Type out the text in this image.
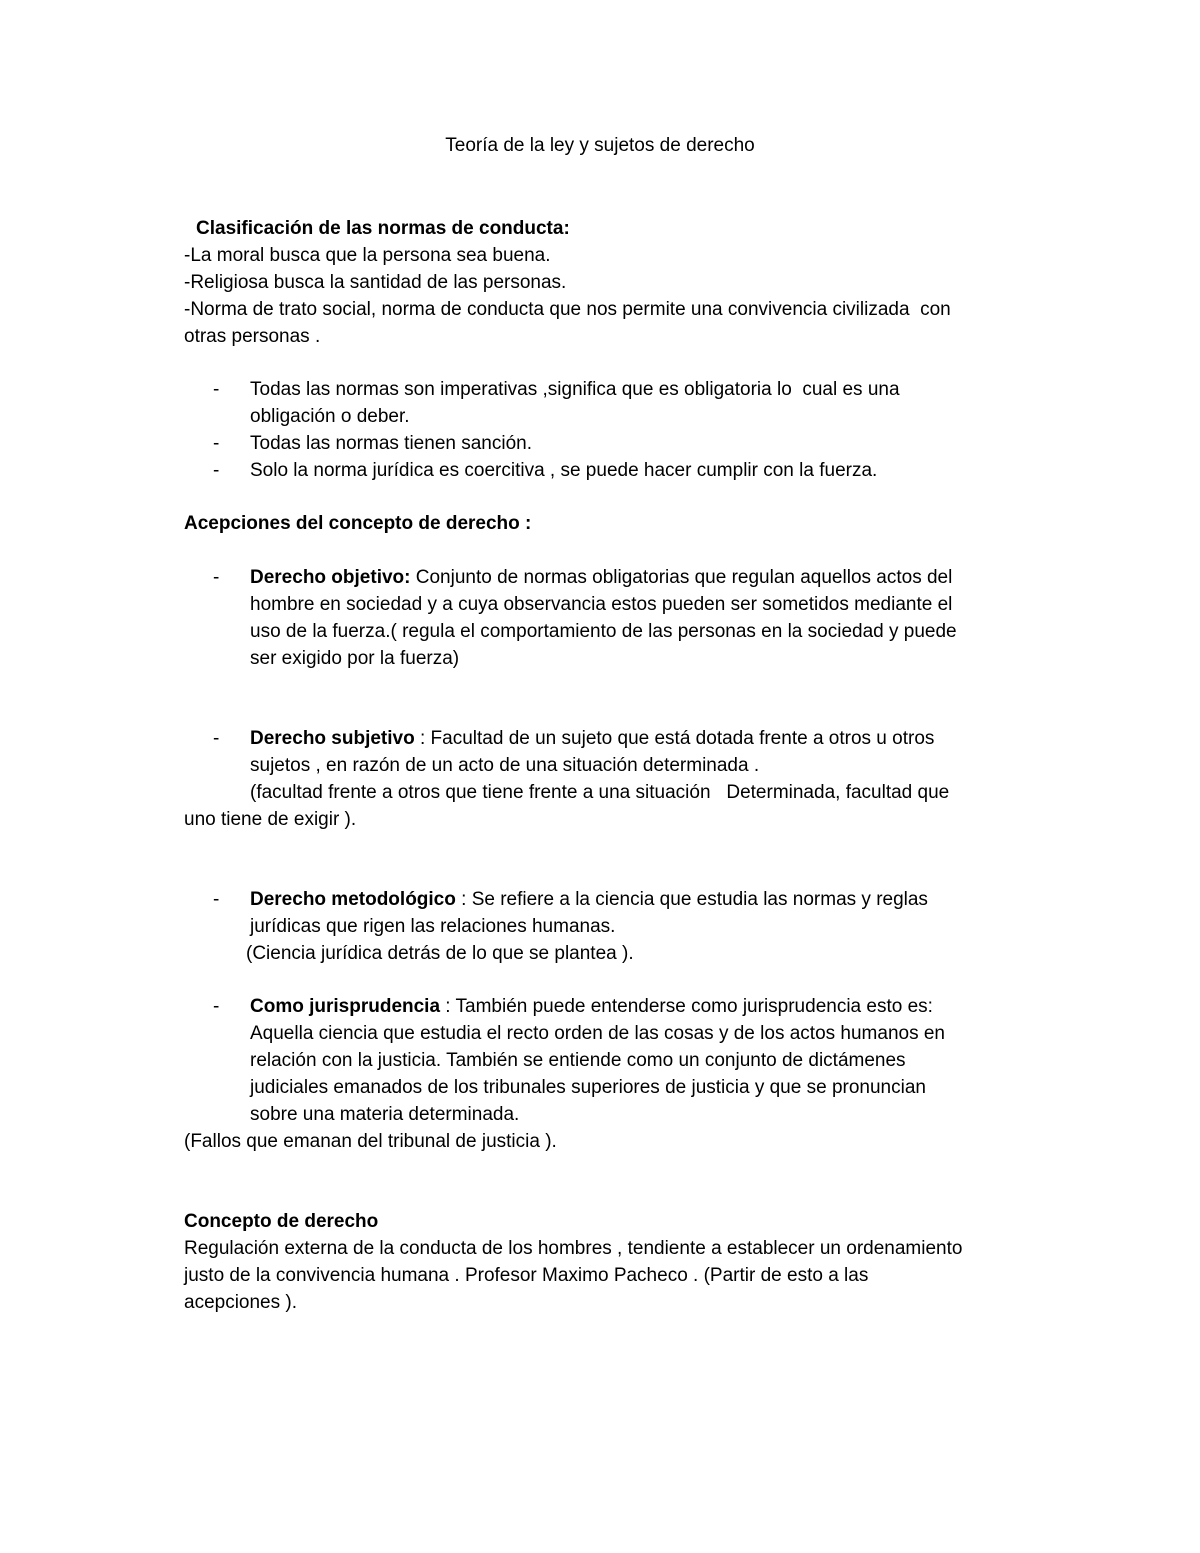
Teoría de la ley y sujetos de derecho
Clasificación de las normas de conducta:
-La moral busca que la persona sea buena.
-Religiosa busca la santidad de las personas.
-Norma de trato social, norma de conducta que nos permite una convivencia civilizada  con
otras personas .
- Todas las normas son imperativas ,significa que es obligatoria lo  cual es una
obligación o deber.
- Todas las normas tienen sanción.
- Solo la norma jurídica es coercitiva , se puede hacer cumplir con la fuerza.
Acepciones del concepto de derecho :
- Derecho objetivo: Conjunto de normas obligatorias que regulan aquellos actos del
hombre en sociedad y a cuya observancia estos pueden ser sometidos mediante el
uso de la fuerza.( regula el comportamiento de las personas en la sociedad y puede
ser exigido por la fuerza)
- Derecho subjetivo : Facultad de un sujeto que está dotada frente a otros u otros
sujetos , en razón de un acto de una situación determinada .
(facultad frente a otros que tiene frente a una situación   Determinada, facultad que
uno tiene de exigir ).
- Derecho metodológico : Se refiere a la ciencia que estudia las normas y reglas
jurídicas que rigen las relaciones humanas.
(Ciencia jurídica detrás de lo que se plantea ).
- Como jurisprudencia : También puede entenderse como jurisprudencia esto es:
Aquella ciencia que estudia el recto orden de las cosas y de los actos humanos en
relación con la justicia. También se entiende como un conjunto de dictámenes
judiciales emanados de los tribunales superiores de justicia y que se pronuncian
sobre una materia determinada.
(Fallos que emanan del tribunal de justicia ).
Concepto de derecho
Regulación externa de la conducta de los hombres , tendiente a establecer un ordenamiento
justo de la convivencia humana . Profesor Maximo Pacheco . (Partir de esto a las
acepciones ).
